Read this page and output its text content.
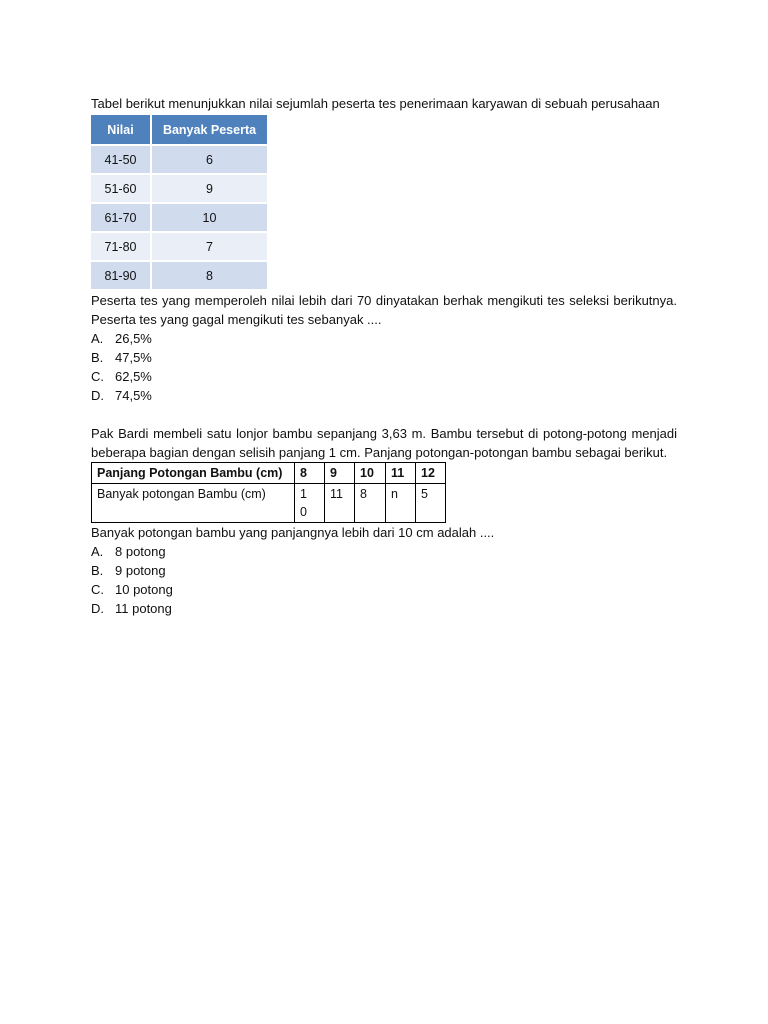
Tabel berikut menunjukkan nilai sejumlah peserta tes penerimaan karyawan di sebuah perusahaan

Nilai	Banyak Peserta
41-50	6
51-60	9
61-70	10
71-80	7
81-90	8

Peserta tes yang memperoleh nilai lebih dari 70 dinyatakan berhak mengikuti tes seleksi berikutnya. Peserta tes yang gagal mengikuti tes sebanyak ....

A. 26,5%
B. 47,5%
C. 62,5%
D. 74,5%

Pak Bardi membeli satu lonjor bambu sepanjang 3,63 m. Bambu tersebut di potong-potong menjadi beberapa bagian dengan selisih panjang 1 cm. Panjang potongan-potongan bambu sebagai berikut.

Panjang Potongan Bambu (cm)	8	9	10	11	12
Banyak potongan Bambu (cm)	10	11	8	n	5

Banyak potongan bambu yang panjangnya lebih dari 10 cm adalah ....

A. 8 potong
B. 9 potong
C. 10 potong
D. 11 potong
